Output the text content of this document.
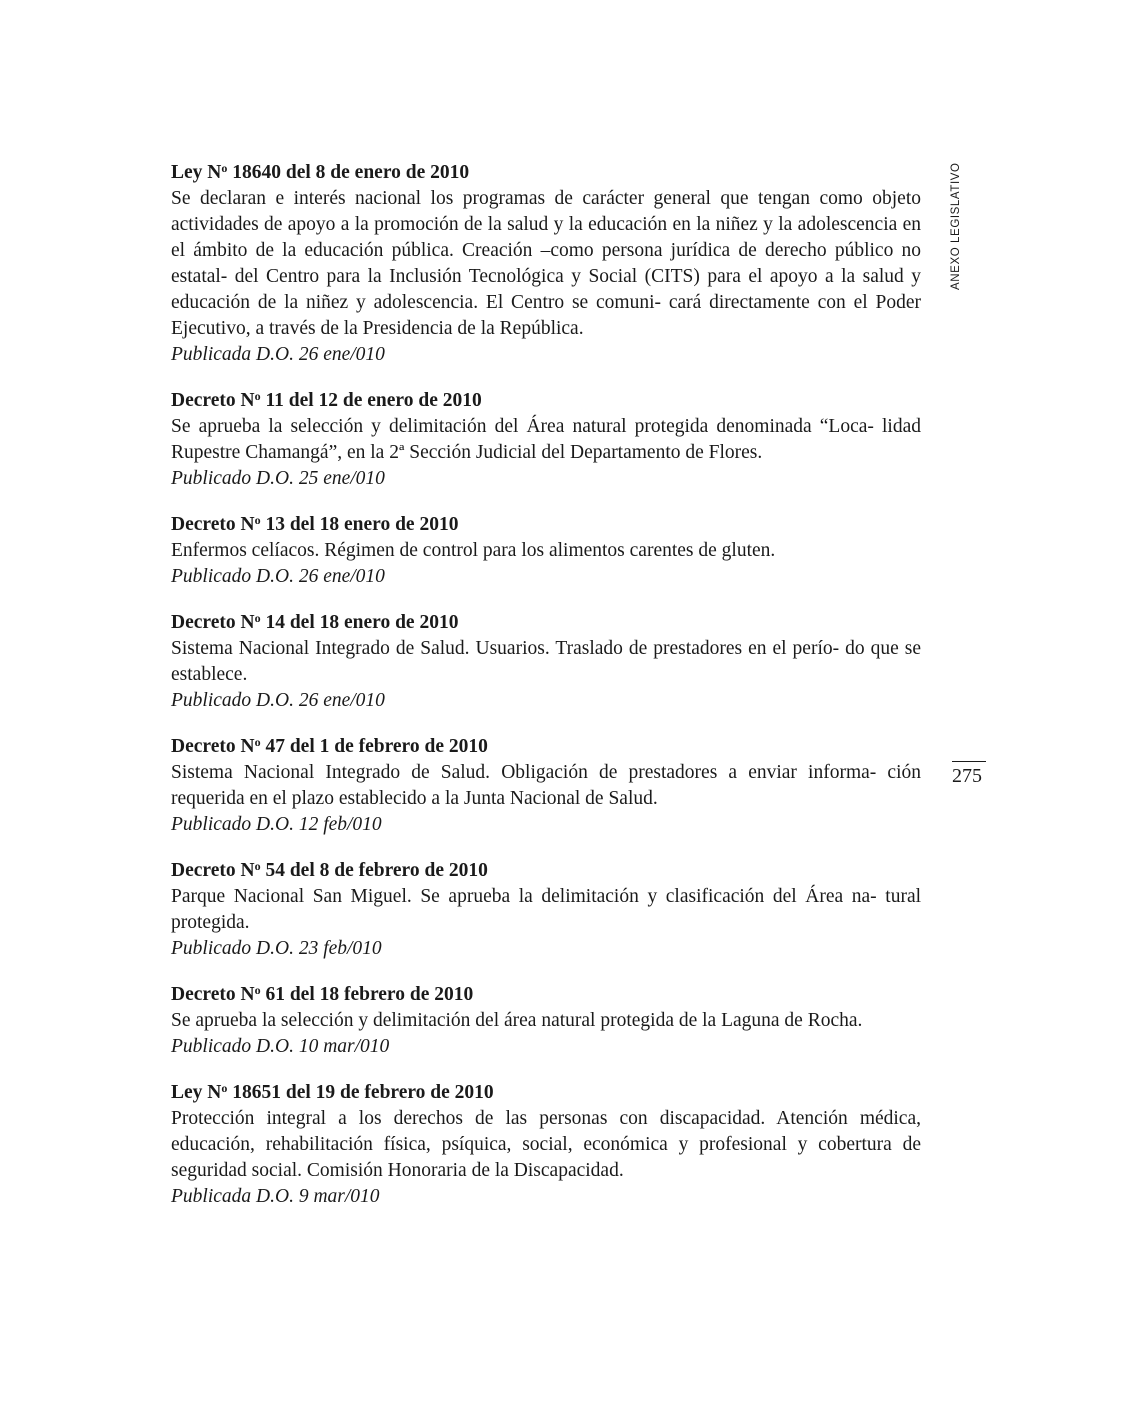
Ley $N^o$ 18640 del 8 de enero de 2010

Se declaran e interés nacional los programas de carácter general que tengan como objeto actividades de apoyo a la promoción de la salud y la educación en la niñez y la adolescencia en el ámbito de la educación pública. Creación –como persona jurídica de derecho público no estatal- del Centro para la Inclusión Tecnológica y Social (CITS) para el apoyo a la salud y educación de la niñez y adolescencia. El Centro se comuni- cará directamente con el Poder Ejecutivo, a través de la Presidencia de la República.

Publicada D.O. 26 ene/010

Decreto $N^o$ 11 del 12 de enero de 2010

Se aprueba la selección y delimitación del Área natural protegida denominada “Loca- lidad Rupestre Chamangá”, en la 2ª Sección Judicial del Departamento de Flores.

Publicado D.O. 25 ene/010

Decreto $N^o$ 13 del 18 enero de 2010

Enfermos celíacos. Régimen de control para los alimentos carentes de gluten.

Publicado D.O. 26 ene/010

Decreto $N^o$ 14 del 18 enero de 2010

Sistema Nacional Integrado de Salud. Usuarios. Traslado de prestadores en el perío- do que se establece.

Publicado D.O. 26 ene/010

Decreto $N^o$ 47 del 1 de febrero de 2010

Sistema Nacional Integrado de Salud. Obligación de prestadores a enviar informa- ción requerida en el plazo establecido a la Junta Nacional de Salud.

Publicado D.O. 12 feb/010

Decreto $N^o$ 54 del 8 de febrero de 2010

Parque Nacional San Miguel. Se aprueba la delimitación y clasificación del Área na- tural protegida.

Publicado D.O. 23 feb/010

Decreto $N^o$ 61 del 18 febrero de 2010

Se aprueba la selección y delimitación del área natural protegida de la Laguna de Rocha.

Publicado D.O. 10 mar/010

Ley $N^o$ 18651 del 19 de febrero de 2010

Protección integral a los derechos de las personas con discapacidad. Atención médica, educación, rehabilitación física, psíquica, social, económica y profesional y cobertura de seguridad social. Comisión Honoraria de la Discapacidad.

Publicada D.O. 9 mar/010

ANEXO LEGISLATIVO
275
